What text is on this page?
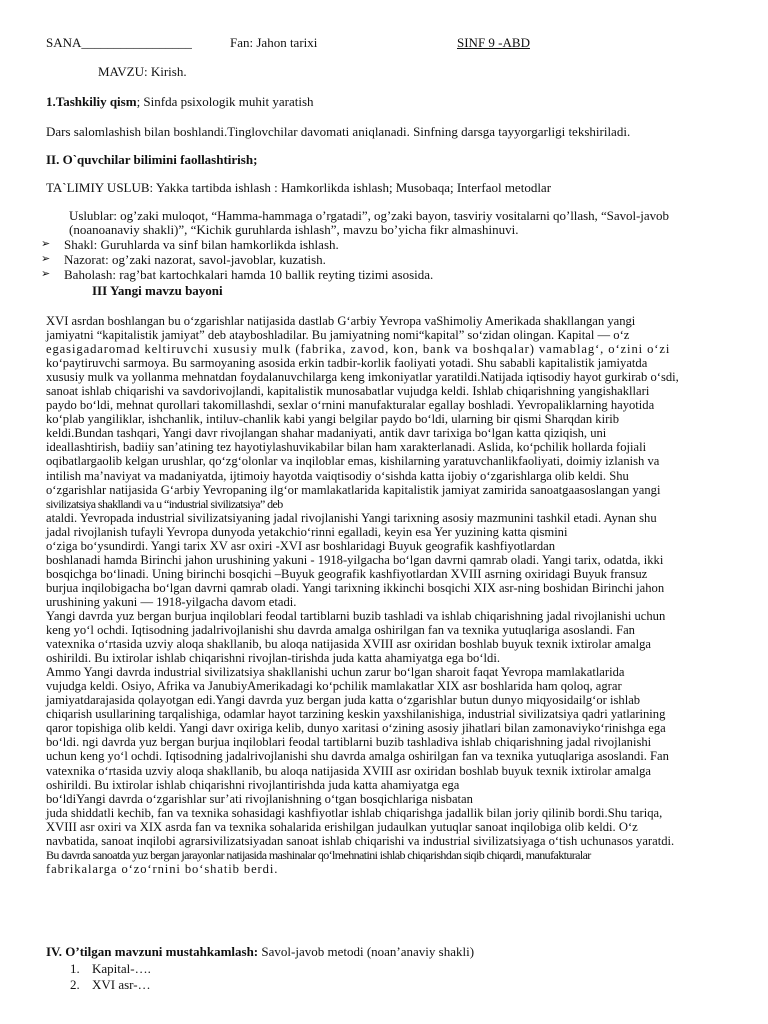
SANA_________________	Fan: Jahon tarixi	SINF 9 -ABD
MAVZU: Kirish.
1.Tashkiliy qism; Sinfda psixologik muhit yaratish
Dars salomlashish bilan boshlandi.Tinglovchilar davomati aniqlanadi. Sinfning darsga tayyorgarligi tekshiriladi.
II. O`quvchilar bilimini faollashtirish;
TA`LIMIY USLUB: Yakka tartibda ishlash : Hamkorlikda ishlash; Musobaqa; Interfaol metodlar
Uslublar: og’zaki muloqot, “Hamma-hammaga o’rgatadi”, og’zaki bayon, tasviriy vositalarni qo’llash, “Savol-javob
(noanoanaviy shakli)”, “Kichik guruhlarda ishlash”, mavzu bo’yicha fikr almashinuvi.
➢ Shakl: Guruhlarda va sinf bilan hamkorlikda ishlash.
➢ Nazorat: og’zaki nazorat, savol-javoblar, kuzatish.
➢ Baholash: rag’bat kartochkalari hamda 10 ballik reyting tizimi asosida.
III Yangi mavzu bayoni
XVI asrdan boshlangan bu o‘zgarishlar natijasida dastlab G‘arbiy Yevropa vaShimoliy Amerikada shakllangan yangi
jamiyatni “kapitalistik jamiyat” deb atayboshladilar. Bu jamiyatning nomi“kapital” so‘zidan olingan. Kapital — o‘z
egasigadaromad keltiruvchi xususiy mulk (fabrika, zavod, kon, bank va boshqalar) vamablag‘, o‘zini o‘zi
ko‘paytiruvchi sarmoya. Bu sarmoyaning asosida erkin tadbir-korlik faoliyati yotadi. Shu sababli kapitalistik jamiyatda
xususiy mulk va yollanma mehnatdan foydalanuvchilarga keng imkoniyatlar yaratildi.Natijada iqtisodiy hayot gurkirab o‘sdi,
sanoat ishlab chiqarishi va savdorivojlandi, kapitalistik munosabatlar vujudga keldi. Ishlab chiqarishning yangishakllari
paydo bo‘ldi, mehnat qurollari takomillashdi, sexlar o‘rnini manufakturalar egallay boshladi. Yevropaliklarning hayotida
ko‘plab yangiliklar, ishchanlik, intiluv-chanlik kabi yangi belgilar paydo bo‘ldi, ularning bir qismi Sharqdan kirib
keldi.Bundan tashqari, Yangi davr rivojlangan shahar madaniyati, antik davr tarixiga bo‘lgan katta qiziqish, uni
ideallashtirish, badiiy san’atining tez hayotiylashuvikabilar bilan ham xarakterlanadi. Aslida, ko‘pchilik hollarda fojiali
oqibatlargaolib kelgan urushlar, qo‘zg‘olonlar va inqiloblar emas, kishilarning yaratuvchanlikfaoliyati, doimiy izlanish va
intilish ma’naviyat va madaniyatda, ijtimoiy hayotda vaiqtisodiy o‘sishda katta ijobiy o‘zgarishlarga olib keldi. Shu
o‘zgarishlar natijasida G‘arbiy Yevropaning ilg‘or mamlakatlarida kapitalistik jamiyat zamirida sanoatgaasoslangan yangi
sivilizatsiya shakllandi va u “industrial sivilizatsiya” deb
ataldi. Yevropada industrial sivilizatsiyaning jadal rivojlanishi Yangi tarixning asosiy mazmunini tashkil etadi. Aynan shu
jadal rivojlanish tufayli Yevropa dunyoda yetakchio‘rinni egalladi, keyin esa Yer yuzining katta qismini
o‘ziga bo‘ysundirdi. Yangi tarix XV asr oxiri -XVI asr boshlaridagi Buyuk geografik kashfiyotlardan
boshlanadi hamda Birinchi jahon urushining yakuni - 1918-yilgacha bo‘lgan davrni qamrab oladi. Yangi tarix, odatda, ikki
bosqichga bo‘linadi. Uning birinchi bosqichi –Buyuk geografik kashfiyotlardan XVIII asrning oxiridagi Buyuk fransuz
burjua inqilobigacha bo‘lgan davrni qamrab oladi. Yangi tarixning ikkinchi bosqichi XIX asr-ning boshidan Birinchi jahon
urushining yakuni — 1918-yilgacha davom etadi.
Yangi davrda yuz bergan burjua inqiloblari feodal tartiblarni buzib tashladi va ishlab chiqarishning jadal rivojlanishi uchun
keng yo‘l ochdi. Iqtisodning jadalrivojlanishi shu davrda amalga oshirilgan fan va texnika yutuqlariga asoslandi. Fan
vatexnika o‘rtasida uzviy aloqa shakllanib, bu aloqa natijasida XVIII asr oxiridan boshlab buyuk texnik ixtirolar amalga
oshirildi. Bu ixtirolar ishlab chiqarishni rivojlan-tirishda juda katta ahamiyatga ega bo‘ldi.
Ammo Yangi davrda industrial sivilizatsiya shakllanishi uchun zarur bo‘lgan sharoit faqat Yevropa mamlakatlarida
vujudga keldi. Osiyo, Afrika va JanubiyAmerikadagi ko‘pchilik mamlakatlar XIX asr boshlarida ham qoloq, agrar
jamiyatdarajasida qolayotgan edi.Yangi davrda yuz bergan juda katta o‘zgarishlar butun dunyo miqyosidailg‘or ishlab
chiqarish usullarining tarqalishiga, odamlar hayot tarzining keskin yaxshilanishiga, industrial sivilizatsiya qadri yatlarining
qaror topishiga olib keldi. Yangi davr oxiriga kelib, dunyo xaritasi o‘zining asosiy jihatlari bilan zamonaviyko‘rinishga ega
bo‘ldi. ngi davrda yuz bergan burjua inqiloblari feodal tartiblarni buzib tashladiva ishlab chiqarishning jadal rivojlanishi
uchun keng yo‘l ochdi. Iqtisodning jadalrivojlanishi shu davrda amalga oshirilgan fan va texnika yutuqlariga asoslandi. Fan
vatexnika o‘rtasida uzviy aloqa shakllanib, bu aloqa natijasida XVIII asr oxiridan boshlab buyuk texnik ixtirolar amalga
oshirildi. Bu ixtirolar ishlab chiqarishni rivojlantirishda juda katta ahamiyatga ega
bo‘ldiYangi davrda o‘zgarishlar sur’ati rivojlanishning o‘tgan bosqichlariga nisbatan
juda shiddatli kechib, fan va texnika sohasidagi kashfiyotlar ishlab chiqarishga jadallik bilan joriy qilinib bordi.Shu tariqa,
XVIII asr oxiri va XIX asrda fan va texnika sohalarida erishilgan judaulkan yutuqlar sanoat inqilobiga olib keldi. O‘z
navbatida, sanoat inqilobi agrarsivilizatsiyadan sanoat ishlab chiqarishi va industrial sivilizatsiyaga o‘tish uchunasos yaratdi.
Bu davrda sanoatda yuz bergan jarayonlar natijasida mashinalar qo‘lmehnatini ishlab chiqarishdan siqib chiqardi, manufakturalar
fabrikalarga o‘zo‘rnini bo‘shatib berdi.
IV. O’tilgan mavzuni mustahkamlash: Savol-javob metodi (noan’anaviy shakli)
1. Kapital-….
2. XVI asr-…
